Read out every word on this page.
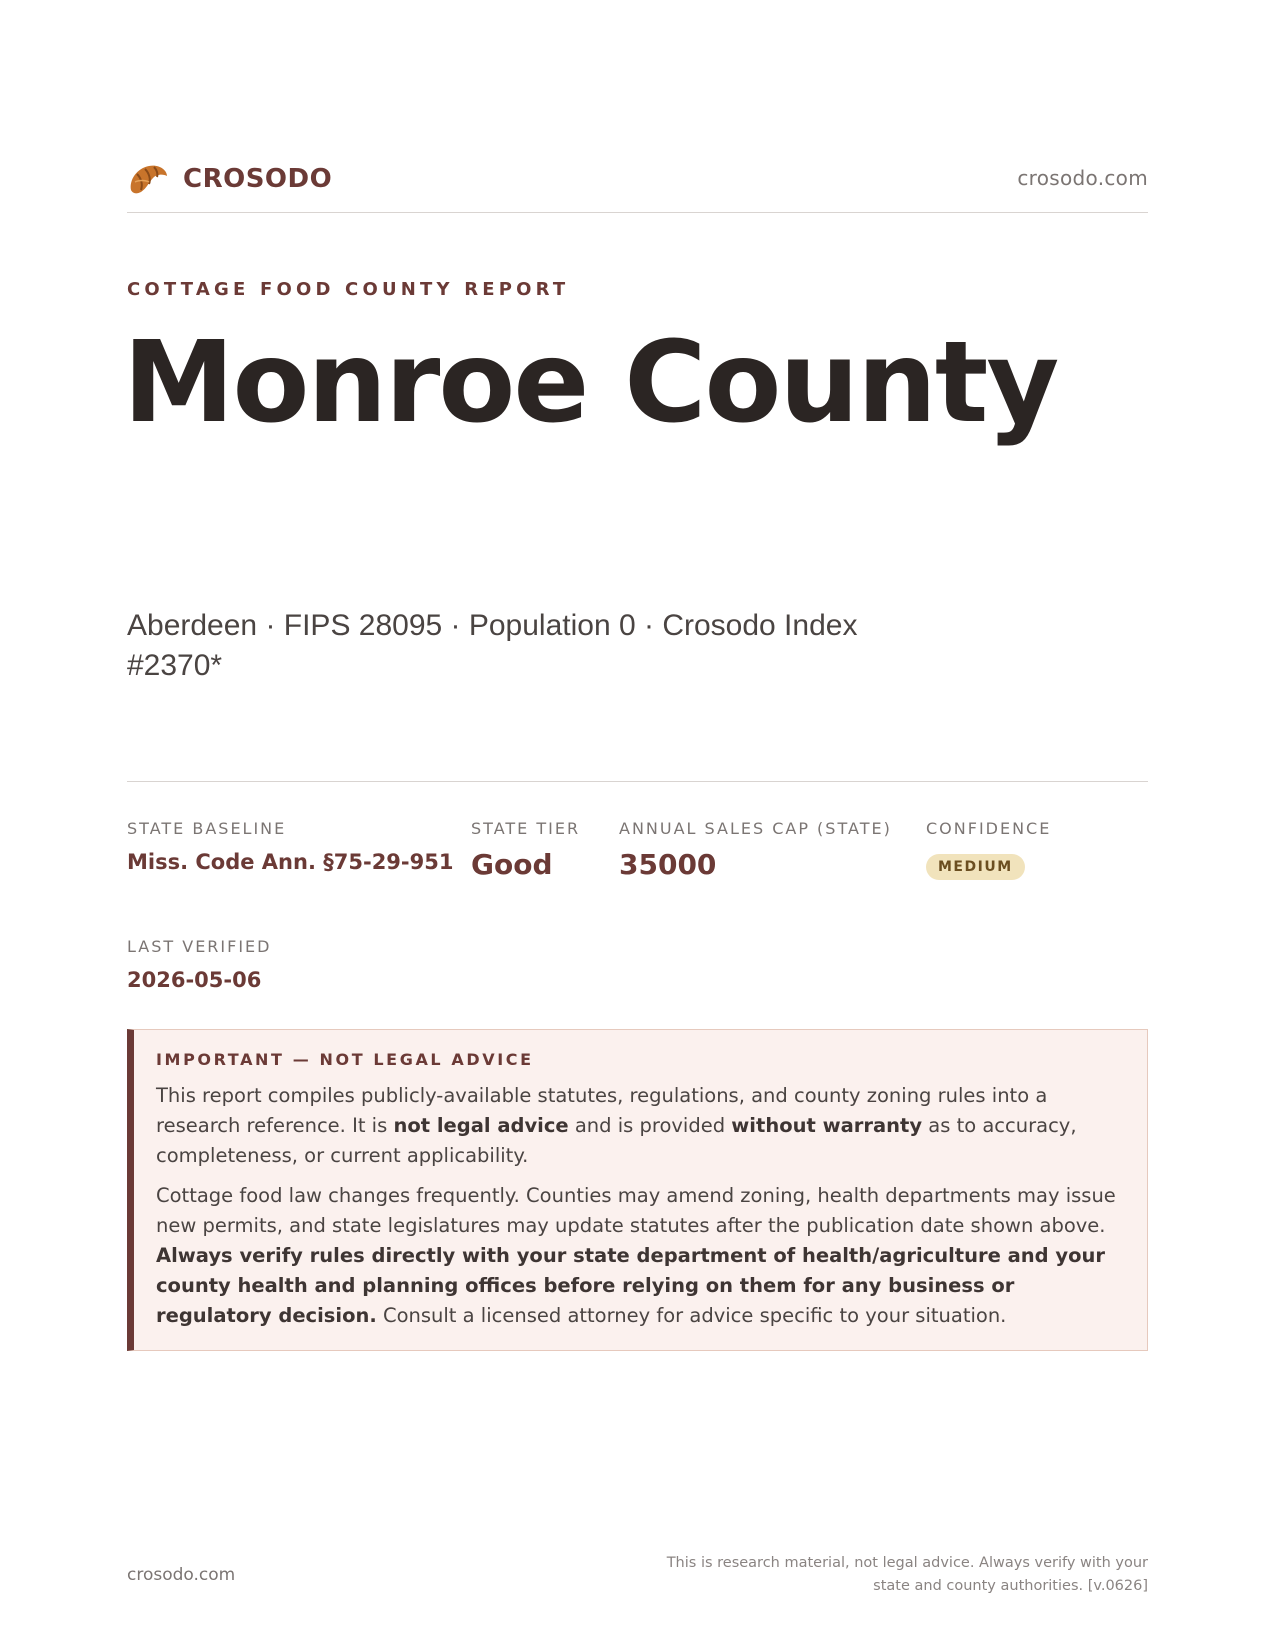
CROSODO	crosodo.com
COTTAGE FOOD COUNTY REPORT
Monroe County
Aberdeen · FIPS 28095 · Population 0 · Crosodo Index #2370*
STATE BASELINE
Miss. Code Ann. §75-29-951
STATE TIER
Good
ANNUAL SALES CAP (STATE)
35000
CONFIDENCE
MEDIUM
LAST VERIFIED
2026-05-06
IMPORTANT — NOT LEGAL ADVICE

This report compiles publicly-available statutes, regulations, and county zoning rules into a research reference. It is not legal advice and is provided without warranty as to accuracy, completeness, or current applicability.

Cottage food law changes frequently. Counties may amend zoning, health departments may issue new permits, and state legislatures may update statutes after the publication date shown above. Always verify rules directly with your state department of health/agriculture and your county health and planning offices before relying on them for any business or regulatory decision. Consult a licensed attorney for advice specific to your situation.

crosodo.com
This is research material, not legal advice. Always verify with your state and county authorities. [v.0626]
